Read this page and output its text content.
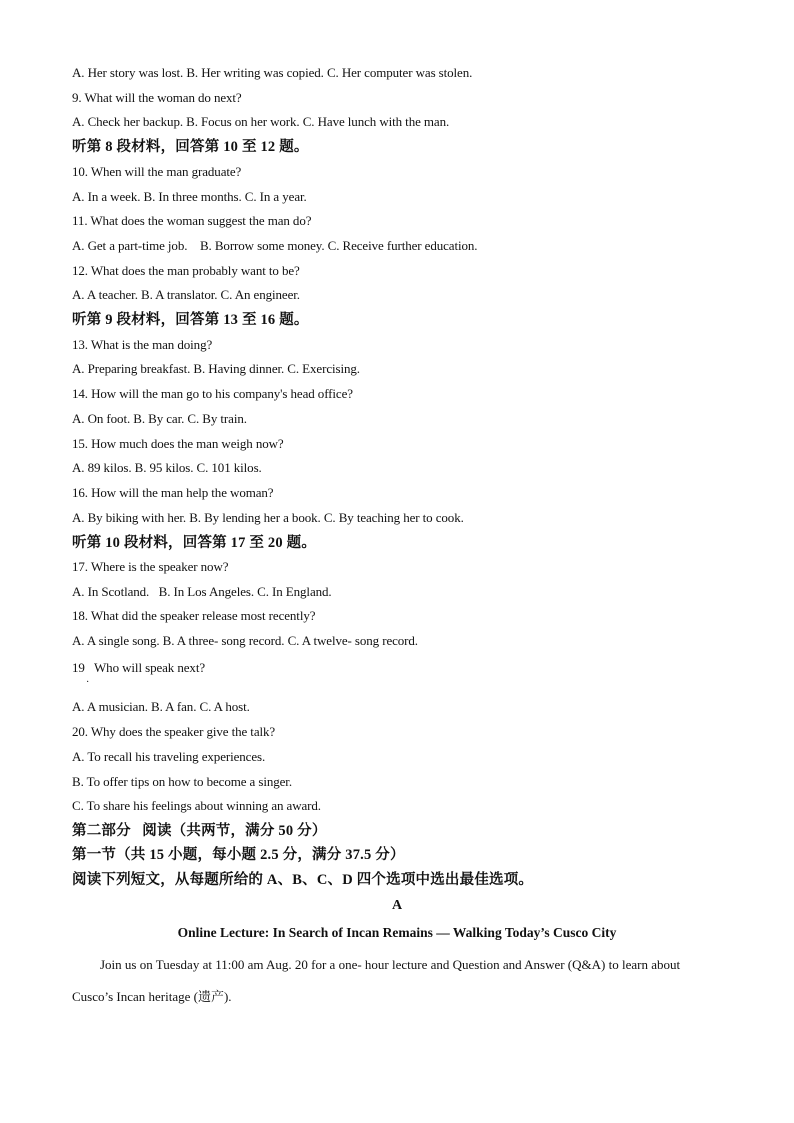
A. Her story was lost. B. Her writing was copied. C. Her computer was stolen.
9. What will the woman do next?
A. Check her backup. B. Focus on her work. C. Have lunch with the man.
听第 8 段材料，回答第 10 至 12 题。
10. When will the man graduate?
A. In a week. B. In three months. C. In a year.
11. What does the woman suggest the man do?
A. Get a part-time job.    B. Borrow some money. C. Receive further education.
12. What does the man probably want to be?
A. A teacher. B. A translator. C. An engineer.
听第 9 段材料，回答第 13 至 16 题。
13. What is the man doing?
A. Preparing breakfast. B. Having dinner. C. Exercising.
14. How will the man go to his company's head office?
A. On foot. B. By car. C. By train.
15. How much does the man weigh now?
A. 89 kilos. B. 95 kilos. C. 101 kilos.
16. How will the man help the woman?
A. By biking with her. B. By lending her a book. C. By teaching her to cook.
听第 10 段材料，回答第 17 至 20 题。
17. Where is the speaker now?
A. In Scotland.   B. In Los Angeles. C. In England.
18. What did the speaker release most recently?
A. A single song. B. A three- song record. C. A twelve- song record.
19   Who will speak next?
·
A. A musician. B. A fan. C. A host.
20. Why does the speaker give the talk?
A. To recall his traveling experiences.
B. To offer tips on how to become a singer.
C. To share his feelings about winning an award.
第二部分   阅读（共两节，满分 50 分）
第一节（共 15 小题，每小题 2.5 分，满分 37.5 分）
阅读下列短文，从每题所给的 A、B、C、D 四个选项中选出最佳选项。
A
Online Lecture: In Search of Incan Remains — Walking Today’s Cusco City
Join us on Tuesday at 11:00 am Aug. 20 for a one- hour lecture and Question and Answer (Q&A) to learn about
Cusco’s Incan heritage (遗产).
